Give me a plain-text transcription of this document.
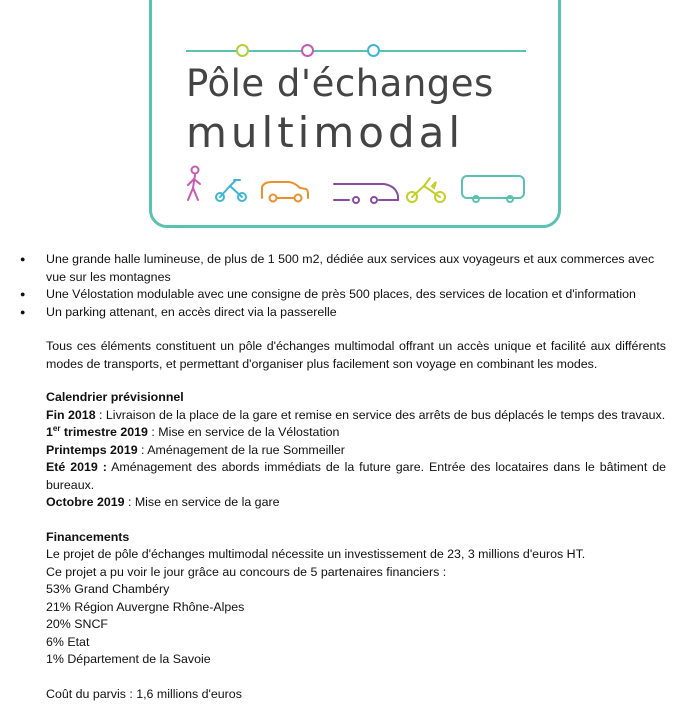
Pôle d'échanges
multimodal
● Une grande halle lumineuse, de plus de 1 500 m2, dédiée aux services aux voyageurs et aux commerces avec vue sur les montagnes
● Une Vélostation modulable avec une consigne de près 500 places, des services de location et d'information
● Un parking attenant, en accès direct via la passerelle
Tous ces éléments constituent un pôle d'échanges multimodal offrant un accès unique et facilité aux différents modes de transports, et permettant d'organiser plus facilement son voyage en combinant les modes.
Calendrier prévisionnel
Fin 2018 : Livraison de la place de la gare et remise en service des arrêts de bus déplacés le temps des travaux.
1er trimestre 2019 : Mise en service de la Vélostation
Printemps 2019 : Aménagement de la rue Sommeiller
Eté 2019 : Aménagement des abords immédiats de la future gare. Entrée des locataires dans le bâtiment de bureaux.
Octobre 2019 : Mise en service de la gare
Financements
Le projet de pôle d'échanges multimodal nécessite un investissement de 23, 3 millions d'euros HT.
Ce projet a pu voir le jour grâce au concours de 5 partenaires financiers :
53% Grand Chambéry
21% Région Auvergne Rhône-Alpes
20% SNCF
6% Etat
1% Département de la Savoie
Coût du parvis : 1,6 millions d'euros
